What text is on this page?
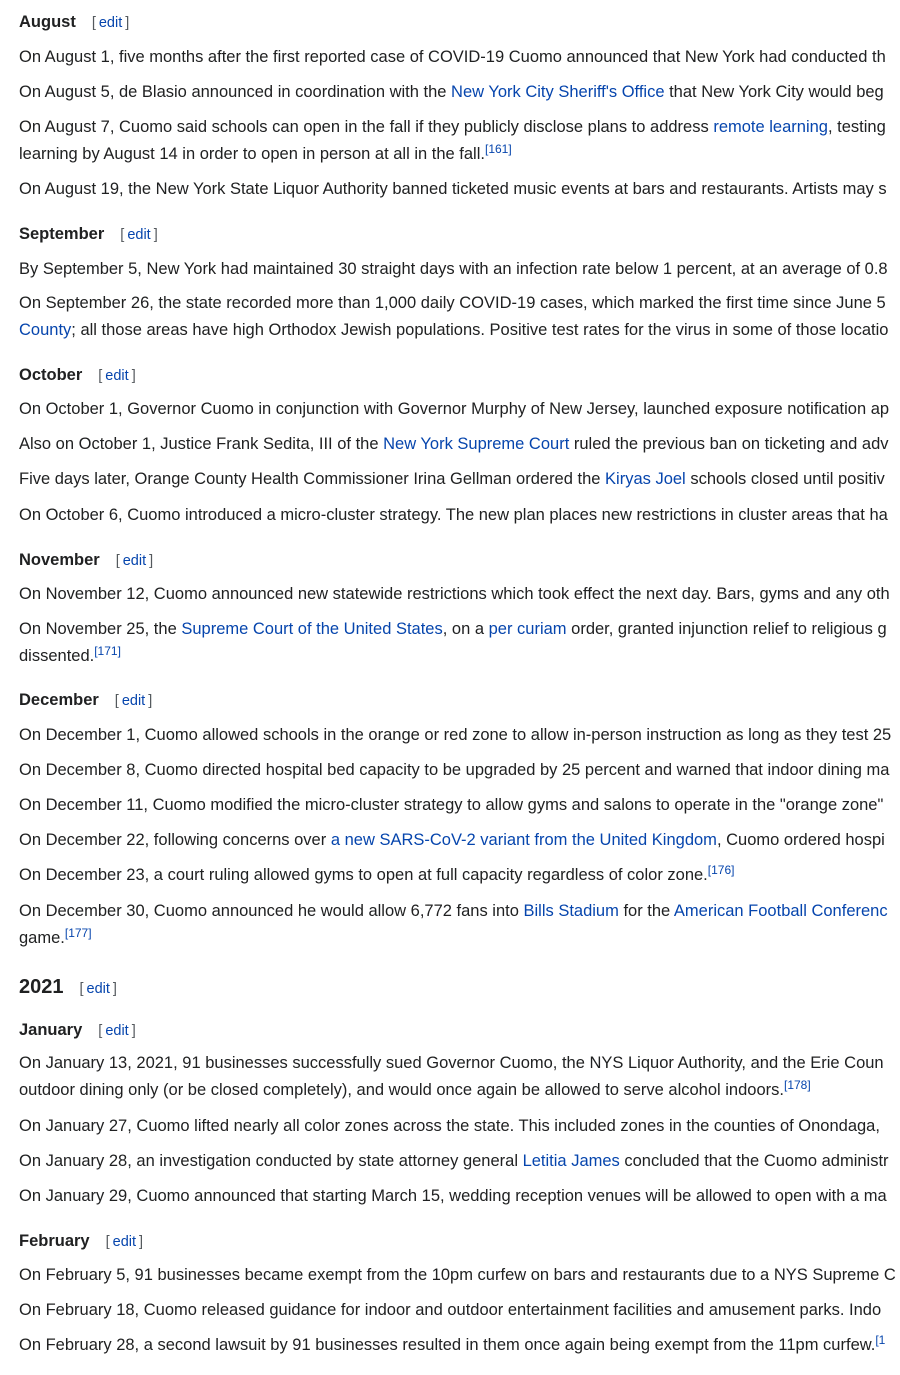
August [ edit ]

On August 1, five months after the first reported case of COVID-19 Cuomo announced that New York had conducted th

On August 5, de Blasio announced in coordination with the New York City Sheriff's Office that New York City would beg

On August 7, Cuomo said schools can open in the fall if they publicly disclose plans to address remote learning, testing
learning by August 14 in order to open in person at all in the fall.[161]

On August 19, the New York State Liquor Authority banned ticketed music events at bars and restaurants. Artists may s

September [ edit ]

By September 5, New York had maintained 30 straight days with an infection rate below 1 percent, at an average of 0.8

On September 26, the state recorded more than 1,000 daily COVID-19 cases, which marked the first time since June 5
County; all those areas have high Orthodox Jewish populations. Positive test rates for the virus in some of those locatio

October [ edit ]

On October 1, Governor Cuomo in conjunction with Governor Murphy of New Jersey, launched exposure notification ap

Also on October 1, Justice Frank Sedita, III of the New York Supreme Court ruled the previous ban on ticketing and adv

Five days later, Orange County Health Commissioner Irina Gellman ordered the Kiryas Joel schools closed until positiv

On October 6, Cuomo introduced a micro-cluster strategy. The new plan places new restrictions in cluster areas that ha

November [ edit ]

On November 12, Cuomo announced new statewide restrictions which took effect the next day. Bars, gyms and any oth

On November 25, the Supreme Court of the United States, on a per curiam order, granted injunction relief to religious g
dissented.[171]

December [ edit ]

On December 1, Cuomo allowed schools in the orange or red zone to allow in-person instruction as long as they test 25

On December 8, Cuomo directed hospital bed capacity to be upgraded by 25 percent and warned that indoor dining ma

On December 11, Cuomo modified the micro-cluster strategy to allow gyms and salons to operate in the "orange zone"

On December 22, following concerns over a new SARS-CoV-2 variant from the United Kingdom, Cuomo ordered hospi

On December 23, a court ruling allowed gyms to open at full capacity regardless of color zone.[176]

On December 30, Cuomo announced he would allow 6,772 fans into Bills Stadium for the American Football Conferenc
game.[177]

2021 [ edit ]
January [ edit ]

On January 13, 2021, 91 businesses successfully sued Governor Cuomo, the NYS Liquor Authority, and the Erie Coun
outdoor dining only (or be closed completely), and would once again be allowed to serve alcohol indoors.[178]

On January 27, Cuomo lifted nearly all color zones across the state. This included zones in the counties of Onondaga,

On January 28, an investigation conducted by state attorney general Letitia James concluded that the Cuomo administr

On January 29, Cuomo announced that starting March 15, wedding reception venues will be allowed to open with a ma

February [ edit ]

On February 5, 91 businesses became exempt from the 10pm curfew on bars and restaurants due to a NYS Supreme C

On February 18, Cuomo released guidance for indoor and outdoor entertainment facilities and amusement parks. Indo

On February 28, a second lawsuit by 91 businesses resulted in them once again being exempt from the 11pm curfew.$^{[1}$
